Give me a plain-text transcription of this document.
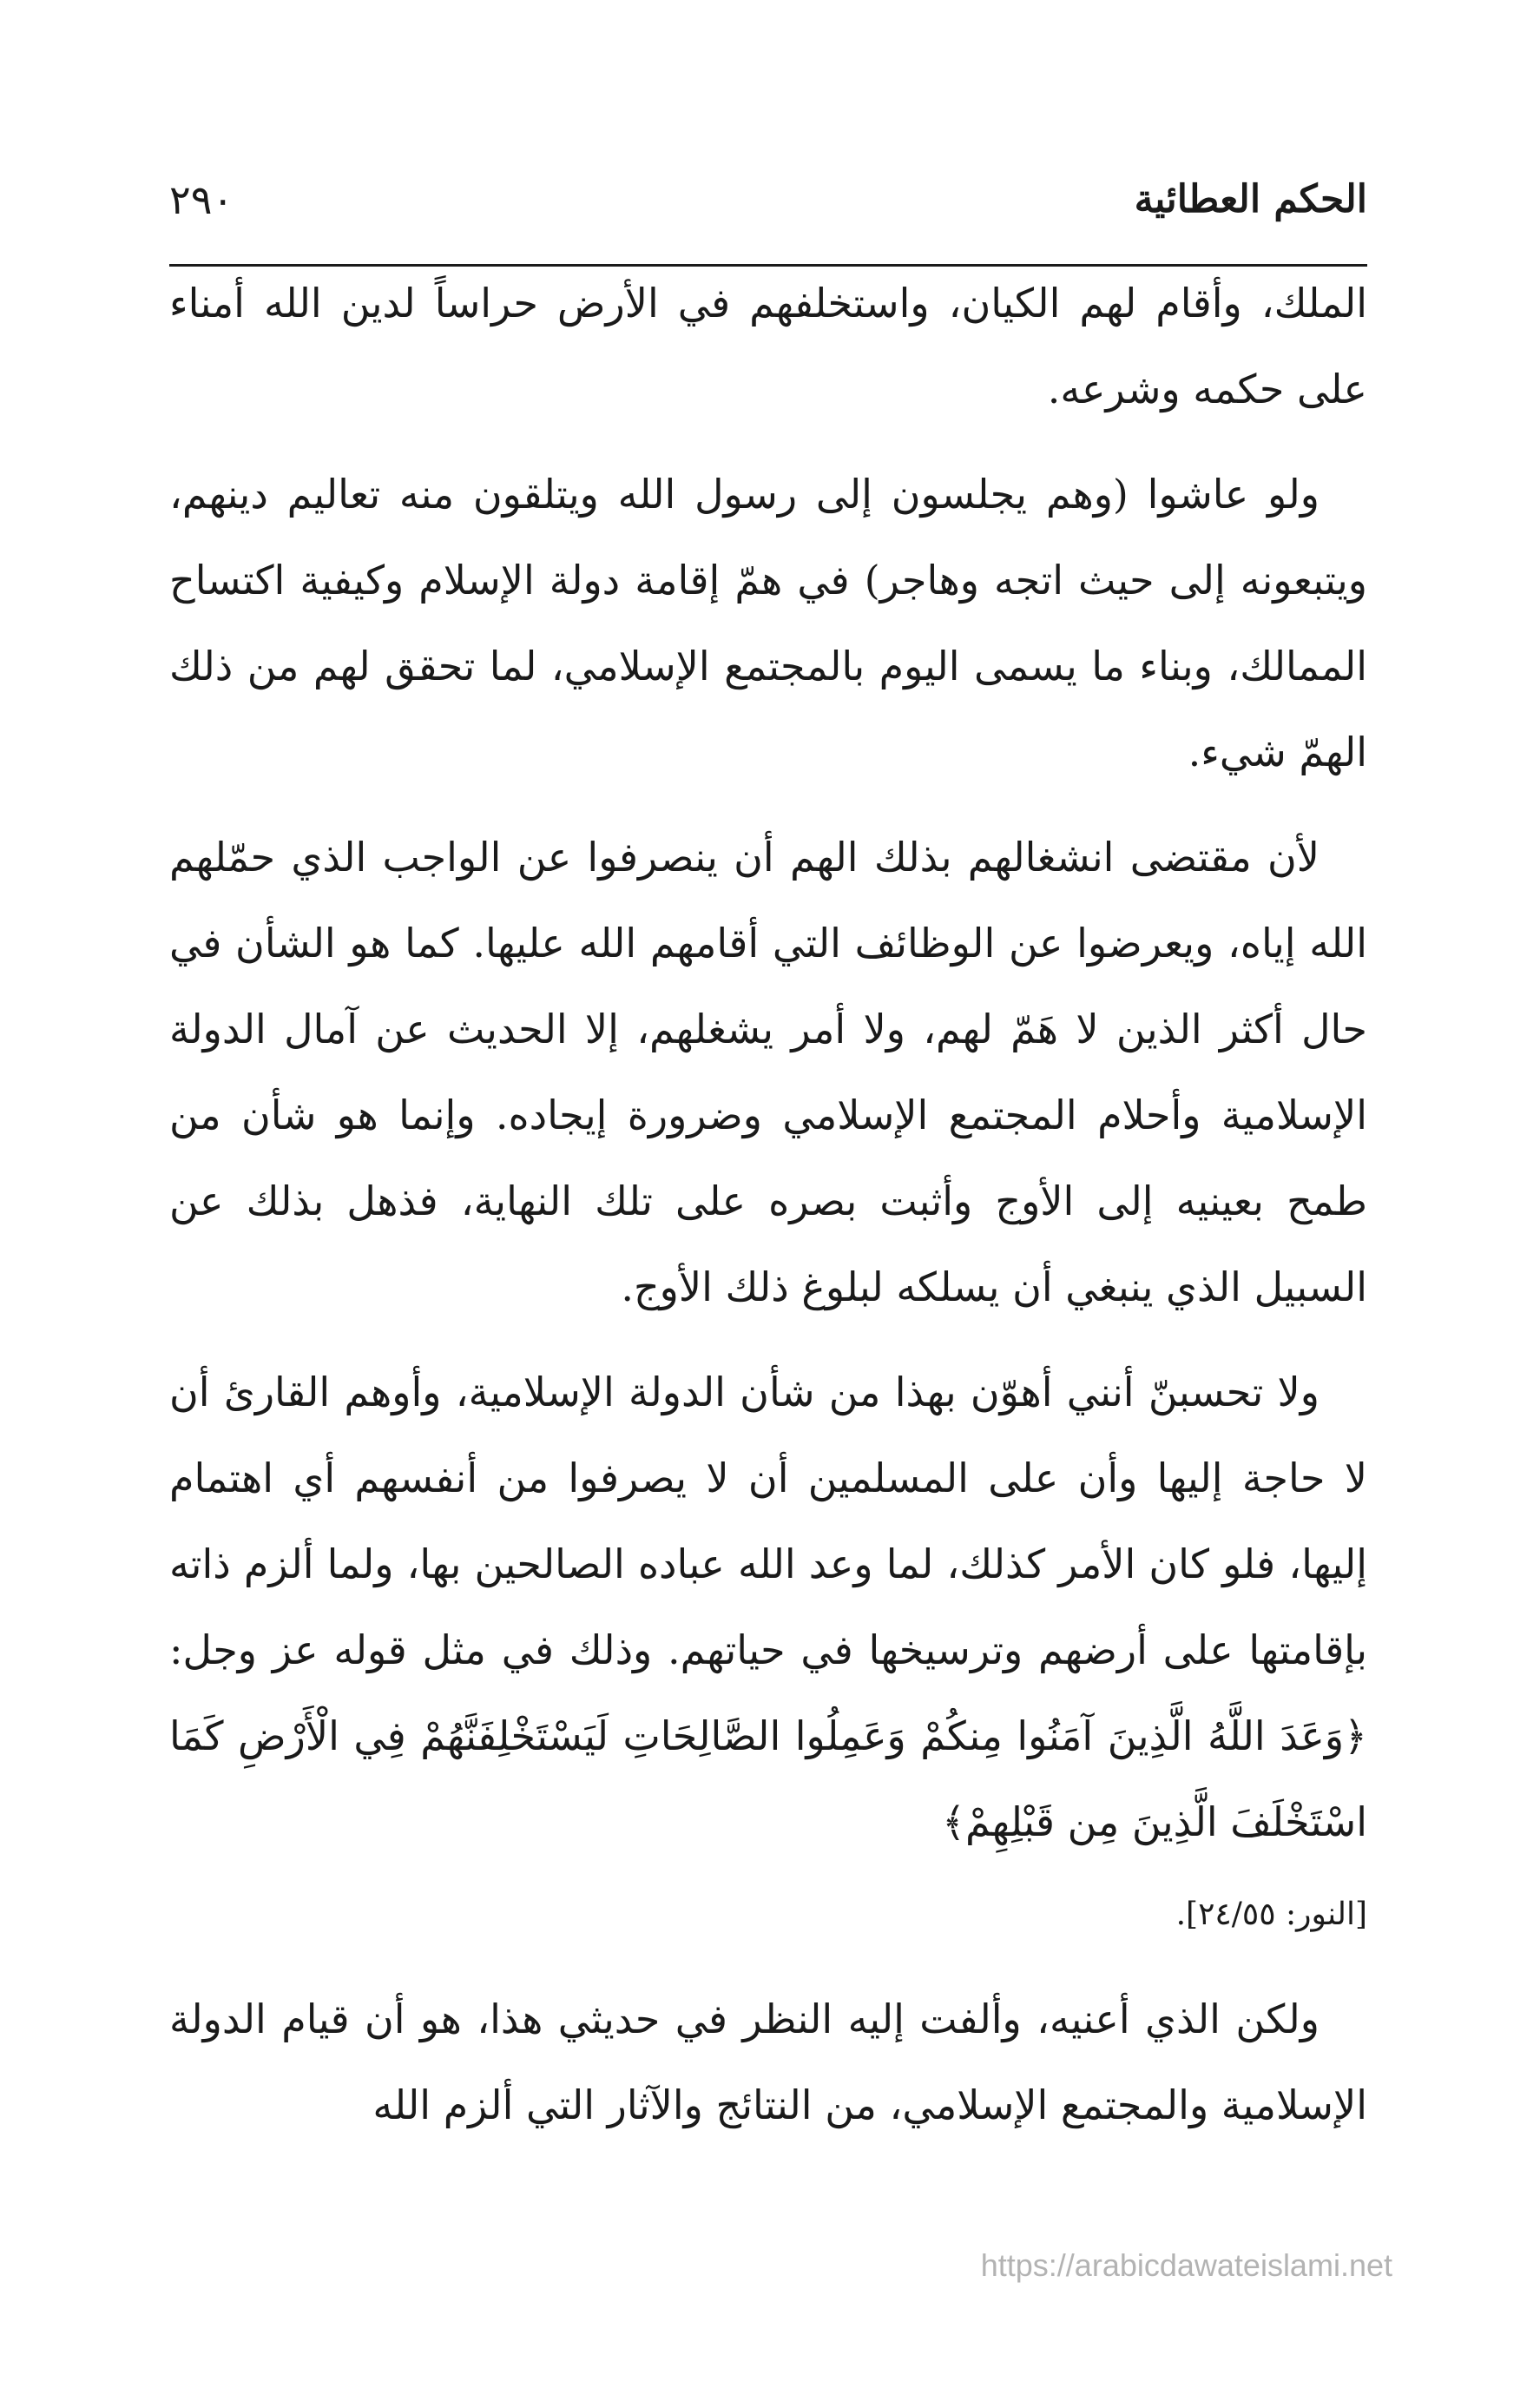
الحكم العطائية
٢٩٠

الملك، وأقام لهم الكيان، واستخلفهم في الأرض حراساً لدين الله أمناء على حكمه وشرعه.

ولو عاشوا (وهم يجلسون إلى رسول الله ويتلقون منه تعاليم دينهم، ويتبعونه إلى حيث اتجه وهاجر) في همّ إقامة دولة الإسلام وكيفية اكتساح الممالك، وبناء ما يسمى اليوم بالمجتمع الإسلامي، لما تحقق لهم من ذلك الهمّ شيء.

لأن مقتضى انشغالهم بذلك الهم أن ينصرفوا عن الواجب الذي حمّلهم الله إياه، ويعرضوا عن الوظائف التي أقامهم الله عليها. كما هو الشأن في حال أكثر الذين لا هَمّ لهم، ولا أمر يشغلهم، إلا الحديث عن آمال الدولة الإسلامية وأحلام المجتمع الإسلامي وضرورة إيجاده. وإنما هو شأن من طمح بعينيه إلى الأوج وأثبت بصره على تلك النهاية، فذهل بذلك عن السبيل الذي ينبغي أن يسلكه لبلوغ ذلك الأوج.

ولا تحسبنّ أنني أهوّن بهذا من شأن الدولة الإسلامية، وأوهم القارئ أن لا حاجة إليها وأن على المسلمين أن لا يصرفوا من أنفسهم أي اهتمام إليها، فلو كان الأمر كذلك، لما وعد الله عباده الصالحين بها، ولما ألزم ذاته بإقامتها على أرضهم وترسيخها في حياتهم. وذلك في مثل قوله عز وجل: ﴿وَعَدَ اللَّهُ الَّذِينَ آمَنُوا مِنكُمْ وَعَمِلُوا الصَّالِحَاتِ لَيَسْتَخْلِفَنَّهُمْ فِي الْأَرْضِ كَمَا اسْتَخْلَفَ الَّذِينَ مِن قَبْلِهِمْ﴾

[النور: ٢٤/٥٥].

ولكن الذي أعنيه، وألفت إليه النظر في حديثي هذا، هو أن قيام الدولة الإسلامية والمجتمع الإسلامي، من النتائج والآثار التي ألزم الله

https://arabicdawateislami.net
